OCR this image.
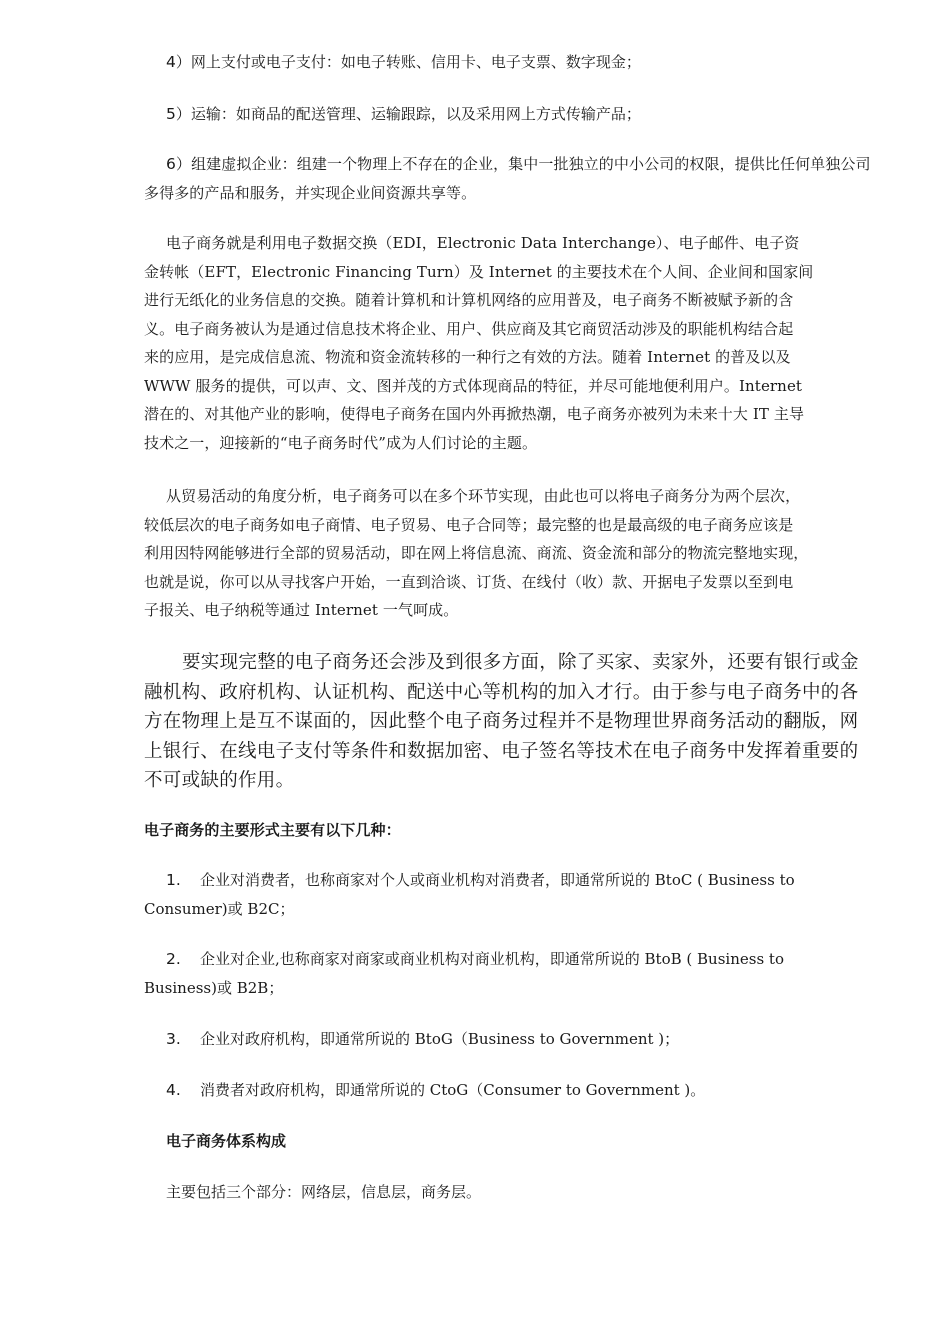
4）网上支付或电子支付：如电子转账、信用卡、电子支票、数字现金；

5）运输：如商品的配送管理、运输跟踪，以及采用网上方式传输产品；

6）组建虚拟企业：组建一个物理上不存在的企业，集中一批独立的中小公司的权限，提供比任何单独公司多得多的产品和服务，并实现企业间资源共享等。

电子商务就是利用电子数据交换（EDI，Electronic Data Interchange）、电子邮件、电子资
金转帐（EFT，Electronic Financing Turn）及 Internet 的主要技术在个人间、企业间和国家间
进行无纸化的业务信息的交换。随着计算机和计算机网络的应用普及，电子商务不断被赋予新的含
义。电子商务被认为是通过信息技术将企业、用户、供应商及其它商贸活动涉及的职能机构结合起
来的应用，是完成信息流、物流和资金流转移的一种行之有效的方法。随着 Internet 的普及以及
WWW 服务的提供，可以声、文、图并茂的方式体现商品的特征，并尽可能地便利用户。Internet
潜在的、对其他产业的影响，使得电子商务在国内外再掀热潮，电子商务亦被列为未来十大 IT 主导
技术之一，迎接新的“电子商务时代”成为人们讨论的主题。
从贸易活动的角度分析，电子商务可以在多个环节实现，由此也可以将电子商务分为两个层次，
较低层次的电子商务如电子商情、电子贸易、电子合同等；最完整的也是最高级的电子商务应该是
利用因特网能够进行全部的贸易活动，即在网上将信息流、商流、资金流和部分的物流完整地实现，
也就是说，你可以从寻找客户开始，一直到洽谈、订货、在线付（收）款、开据电子发票以至到电
子报关、电子纳税等通过 Internet 一气呵成。
要实现完整的电子商务还会涉及到很多方面，除了买家、卖家外，还要有银行或金
融机构、政府机构、认证机构、配送中心等机构的加入才行。由于参与电子商务中的各
方在物理上是互不谋面的，因此整个电子商务过程并不是物理世界商务活动的翻版，网
上银行、在线电子支付等条件和数据加密、电子签名等技术在电子商务中发挥着重要的
不可或缺的作用。

电子商务的主要形式主要有以下几种：

1. 企业对消费者，也称商家对个人或商业机构对消费者，即通常所说的 BtoC ( Business to
Consumer)或 B2C；
2. 企业对企业,也称商家对商家或商业机构对商业机构，即通常所说的 BtoB ( Business to
Business)或 B2B；
3. 企业对政府机构，即通常所说的 BtoG（Business to Government )；
4. 消费者对政府机构，即通常所说的 CtoG（Consumer to Government )。

电子商务体系构成

主要包括三个部分：网络层，信息层，商务层。
